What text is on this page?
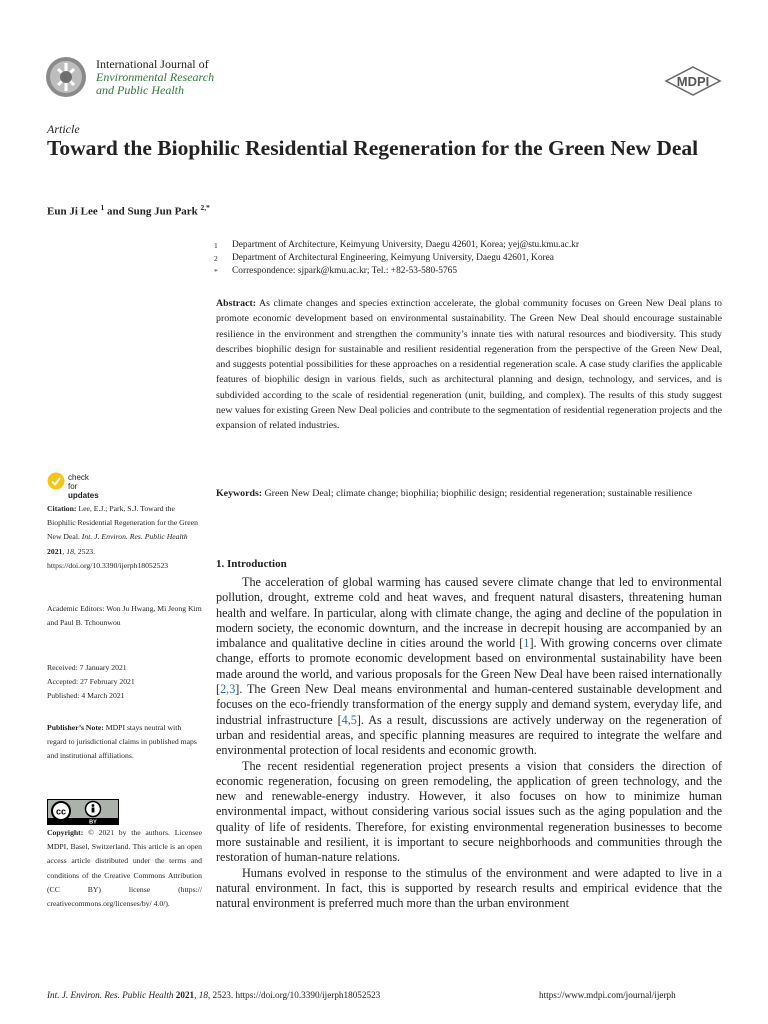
International Journal of
Environmental Research
and Public Health
MDPI
Article
Toward the Biophilic Residential Regeneration for the Green New Deal
Eun Ji Lee $^1$ and Sung Jun Park $^{2,*}$
1 Department of Architecture, Keimyung University, Daegu 42601, Korea; yej@stu.kmu.ac.kr
2 Department of Architectural Engineering, Keimyung University, Daegu 42601, Korea
* Correspondence: sjpark@kmu.ac.kr; Tel.: +82-53-580-5765
Abstract: As climate changes and species extinction accelerate, the global community focuses on Green New Deal plans to promote economic development based on environmental sustainability. The Green New Deal should encourage sustainable resilience in the environment and strengthen the community’s innate ties with natural resources and biodiversity. This study describes biophilic design for sustainable and resilient residential regeneration from the perspective of the Green New Deal, and suggests potential possibilities for these approaches on a residential regeneration scale. A case study clarifies the applicable features of biophilic design in various fields, such as architectural planning and design, technology, and services, and is subdivided according to the scale of residential regeneration (unit, building, and complex). The results of this study suggest new values for existing Green New Deal policies and contribute to the segmentation of residential regeneration projects and the expansion of related industries.
Keywords: Green New Deal; climate change; biophilia; biophilic design; residential regeneration; sustainable resilience
check for
updates
Citation: Lee, E.J.; Park, S.J. Toward the Biophilic Residential Regeneration for the Green New Deal. Int. J. Environ. Res. Public Health 2021, 18, 2523. https://doi.org/10.3390/ijerph18052523
Academic Editors: Won Ju Hwang, Mi Jeong Kim and Paul B. Tchounwou
Received: 7 January 2021
Accepted: 27 February 2021
Published: 4 March 2021
Publisher’s Note: MDPI stays neutral with regard to jurisdictional claims in published maps and institutional affiliations.
cc
BY
Copyright: © 2021 by the authors. Licensee MDPI, Basel, Switzerland. This article is an open access article distributed under the terms and conditions of the Creative Commons Attribution (CC BY) license (https:// creativecommons.org/licenses/by/ 4.0/).
1. Introduction

The acceleration of global warming has caused severe climate change that led to environmental pollution, drought, extreme cold and heat waves, and frequent natural disasters, threatening human health and welfare. In particular, along with climate change, the aging and decline of the population in modern society, the economic downturn, and the increase in decrepit housing are accompanied by an imbalance and qualitative decline in cities around the world [1]. With growing concerns over climate change, efforts to promote economic development based on environmental sustainability have been made around the world, and various proposals for the Green New Deal have been raised internationally [2,3]. The Green New Deal means environmental and human-centered sustainable development and focuses on the eco-friendly transformation of the energy supply and demand system, everyday life, and industrial infrastructure [4,5]. As a result, discussions are actively underway on the regeneration of urban and residential areas, and specific planning measures are required to integrate the welfare and environmental protection of local residents and economic growth.

The recent residential regeneration project presents a vision that considers the direction of economic regeneration, focusing on green remodeling, the application of green technology, and the new and renewable-energy industry. However, it also focuses on how to minimize human environmental impact, without considering various social issues such as the aging population and the quality of life of residents. Therefore, for existing environmental regeneration businesses to become more sustainable and resilient, it is important to secure neighborhoods and communities through the restoration of human-nature relations.

Humans evolved in response to the stimulus of the environment and were adapted to live in a natural environment. In fact, this is supported by research results and empirical evidence that the natural environment is preferred much more than the urban environment

Int. J. Environ. Res. Public Health 2021, 18, 2523. https://doi.org/10.3390/ijerph18052523	https://www.mdpi.com/journal/ijerph
